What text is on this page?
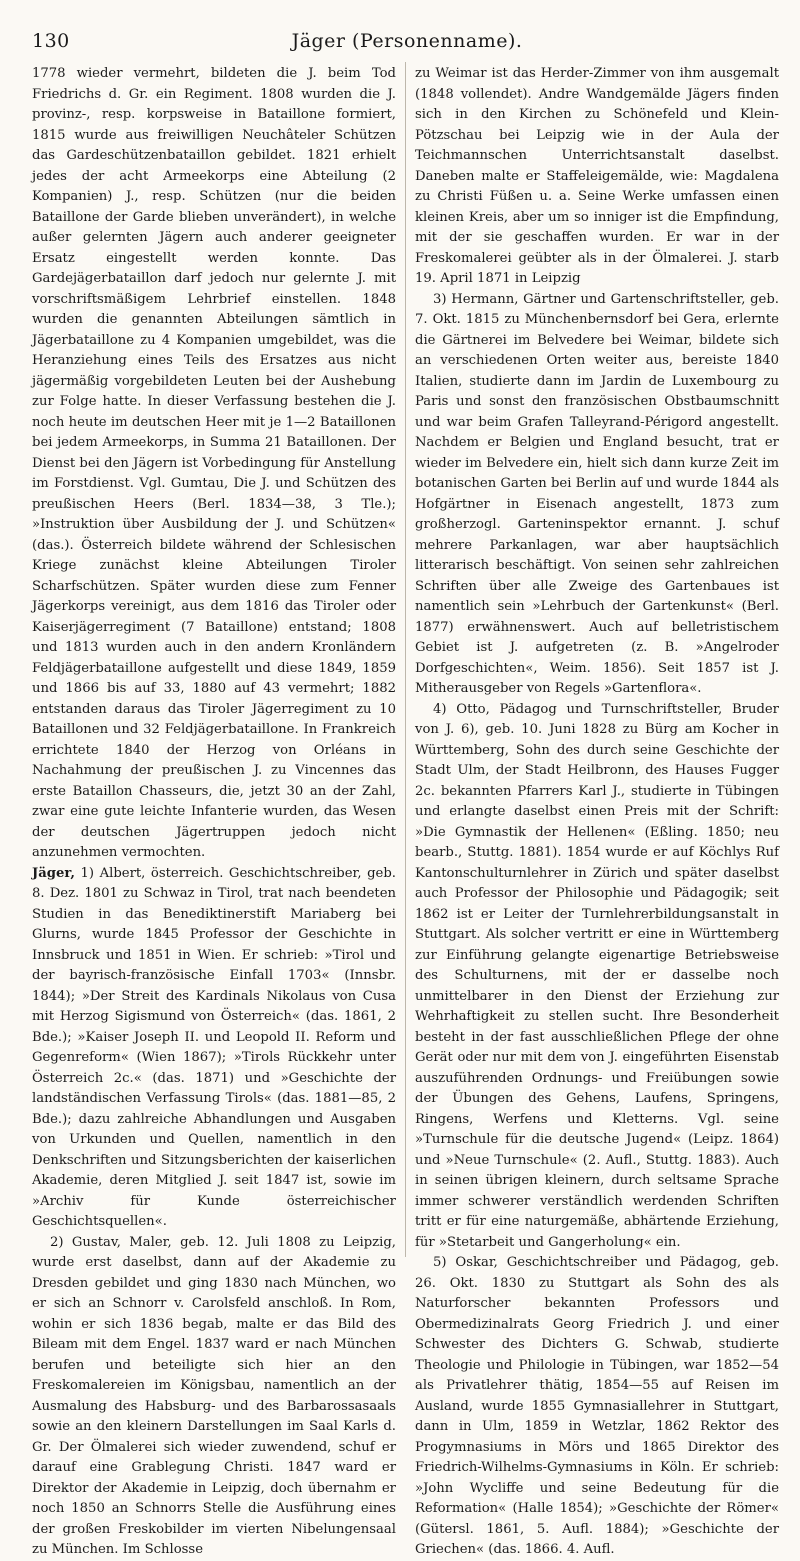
130	Jäger (Personenname).

1778 wieder vermehrt, bildeten die J. beim Tod Friedrichs d. Gr. ein Regiment. 1808 wurden die J. provinz-, resp. korpsweise in Bataillone formiert, 1815 wurde aus freiwilligen Neuchâteler Schützen das Gardeschützenbataillon gebildet. 1821 erhielt jedes der acht Armeekorps eine Abteilung (2 Kompanien) J., resp. Schützen (nur die beiden Bataillone der Garde blieben unverändert), in welche außer gelernten Jägern auch anderer geeigneter Ersatz eingestellt werden konnte. Das Gardejägerbataillon darf jedoch nur gelernte J. mit vorschriftsmäßigem Lehrbrief einstellen. 1848 wurden die genannten Abteilungen sämtlich in Jägerbataillone zu 4 Kompanien umgebildet, was die Heranziehung eines Teils des Ersatzes aus nicht jägermäßig vorgebildeten Leuten bei der Aushebung zur Folge hatte. In dieser Verfassung bestehen die J. noch heute im deutschen Heer mit je 1—2 Bataillonen bei jedem Armeekorps, in Summa 21 Bataillonen. Der Dienst bei den Jägern ist Vorbedingung für Anstellung im Forstdienst. Vgl. Gumtau, Die J. und Schützen des preußischen Heers (Berl. 1834—38, 3 Tle.); »Instruktion über Ausbildung der J. und Schützen« (das.). Österreich bildete während der Schlesischen Kriege zunächst kleine Abteilungen Tiroler Scharfschützen. Später wurden diese zum Fenner Jägerkorps vereinigt, aus dem 1816 das Tiroler oder Kaiserjägerregiment (7 Bataillone) entstand; 1808 und 1813 wurden auch in den andern Kronländern Feldjägerbataillone aufgestellt und diese 1849, 1859 und 1866 bis auf 33, 1880 auf 43 vermehrt; 1882 entstanden daraus das Tiroler Jägerregiment zu 10 Bataillonen und 32 Feldjägerbataillone. In Frankreich errichtete 1840 der Herzog von Orléans in Nachahmung der preußischen J. zu Vincennes das erste Bataillon Chasseurs, die, jetzt 30 an der Zahl, zwar eine gute leichte Infanterie wurden, das Wesen der deutschen Jägertruppen jedoch nicht anzunehmen vermochten.

Jäger, 1) Albert, österreich. Geschichtschreiber, geb. 8. Dez. 1801 zu Schwaz in Tirol, trat nach beendeten Studien in das Benediktinerstift Mariaberg bei Glurns, wurde 1845 Professor der Geschichte in Innsbruck und 1851 in Wien. Er schrieb: »Tirol und der bayrisch-französische Einfall 1703« (Innsbr. 1844); »Der Streit des Kardinals Nikolaus von Cusa mit Herzog Sigismund von Österreich« (das. 1861, 2 Bde.); »Kaiser Joseph II. und Leopold II. Reform und Gegenreform« (Wien 1867); »Tirols Rückkehr unter Österreich 2c.« (das. 1871) und »Geschichte der landständischen Verfassung Tirols« (das. 1881—85, 2 Bde.); dazu zahlreiche Abhandlungen und Ausgaben von Urkunden und Quellen, namentlich in den Denkschriften und Sitzungsberichten der kaiserlichen Akademie, deren Mitglied J. seit 1847 ist, sowie im »Archiv für Kunde österreichischer Geschichtsquellen«.

2) Gustav, Maler, geb. 12. Juli 1808 zu Leipzig, wurde erst daselbst, dann auf der Akademie zu Dresden gebildet und ging 1830 nach München, wo er sich an Schnorr v. Carolsfeld anschloß. In Rom, wohin er sich 1836 begab, malte er das Bild des Bileam mit dem Engel. 1837 ward er nach München berufen und beteiligte sich hier an den Freskomalereien im Königsbau, namentlich an der Ausmalung des Habsburg- und des Barbarossasaals sowie an den kleinern Darstellungen im Saal Karls d. Gr. Der Ölmalerei sich wieder zuwendend, schuf er darauf eine Grablegung Christi. 1847 ward er Direktor der Akademie in Leipzig, doch übernahm er noch 1850 an Schnorrs Stelle die Ausführung eines der großen Freskobilder im vierten Nibelungensaal zu München. Im Schlosse

zu Weimar ist das Herder-Zimmer von ihm ausgemalt (1848 vollendet). Andre Wandgemälde Jägers finden sich in den Kirchen zu Schönefeld und Klein-Pötzschau bei Leipzig wie in der Aula der Teichmannschen Unterrichtsanstalt daselbst. Daneben malte er Staffeleigemälde, wie: Magdalena zu Christi Füßen u. a. Seine Werke umfassen einen kleinen Kreis, aber um so inniger ist die Empfindung, mit der sie geschaffen wurden. Er war in der Freskomalerei geübter als in der Ölmalerei. J. starb 19. April 1871 in Leipzig

3) Hermann, Gärtner und Gartenschriftsteller, geb. 7. Okt. 1815 zu Münchenbernsdorf bei Gera, erlernte die Gärtnerei im Belvedere bei Weimar, bildete sich an verschiedenen Orten weiter aus, bereiste 1840 Italien, studierte dann im Jardin de Luxembourg zu Paris und sonst den französischen Obstbaumschnitt und war beim Grafen Talleyrand-Périgord angestellt. Nachdem er Belgien und England besucht, trat er wieder im Belvedere ein, hielt sich dann kurze Zeit im botanischen Garten bei Berlin auf und wurde 1844 als Hofgärtner in Eisenach angestellt, 1873 zum großherzogl. Garteninspektor ernannt. J. schuf mehrere Parkanlagen, war aber hauptsächlich litterarisch beschäftigt. Von seinen sehr zahlreichen Schriften über alle Zweige des Gartenbaues ist namentlich sein »Lehrbuch der Gartenkunst« (Berl. 1877) erwähnenswert. Auch auf belletristischem Gebiet ist J. aufgetreten (z. B. »Angelroder Dorfgeschichten«, Weim. 1856). Seit 1857 ist J. Mitherausgeber von Regels »Gartenflora«.

4) Otto, Pädagog und Turnschriftsteller, Bruder von J. 6), geb. 10. Juni 1828 zu Bürg am Kocher in Württemberg, Sohn des durch seine Geschichte der Stadt Ulm, der Stadt Heilbronn, des Hauses Fugger 2c. bekannten Pfarrers Karl J., studierte in Tübingen und erlangte daselbst einen Preis mit der Schrift: »Die Gymnastik der Hellenen« (Eßling. 1850; neu bearb., Stuttg. 1881). 1854 wurde er auf Köchlys Ruf Kantonschulturnlehrer in Zürich und später daselbst auch Professor der Philosophie und Pädagogik; seit 1862 ist er Leiter der Turnlehrerbildungsanstalt in Stuttgart. Als solcher vertritt er eine in Württemberg zur Einführung gelangte eigenartige Betriebsweise des Schulturnens, mit der er dasselbe noch unmittelbarer in den Dienst der Erziehung zur Wehrhaftigkeit zu stellen sucht. Ihre Besonderheit besteht in der fast ausschließlichen Pflege der ohne Gerät oder nur mit dem von J. eingeführten Eisenstab auszuführenden Ordnungs- und Freiübungen sowie der Übungen des Gehens, Laufens, Springens, Ringens, Werfens und Kletterns. Vgl. seine »Turnschule für die deutsche Jugend« (Leipz. 1864) und »Neue Turnschule« (2. Aufl., Stuttg. 1883). Auch in seinen übrigen kleinern, durch seltsame Sprache immer schwerer verständlich werdenden Schriften tritt er für eine naturgemäße, abhärtende Erziehung, für »Stetarbeit und Gangerholung« ein.

5) Oskar, Geschichtschreiber und Pädagog, geb. 26. Okt. 1830 zu Stuttgart als Sohn des als Naturforscher bekannten Professors und Obermedizinalrats Georg Friedrich J. und einer Schwester des Dichters G. Schwab, studierte Theologie und Philologie in Tübingen, war 1852—54 als Privatlehrer thätig, 1854—55 auf Reisen im Ausland, wurde 1855 Gymnasiallehrer in Stuttgart, dann in Ulm, 1859 in Wetzlar, 1862 Rektor des Progymnasiums in Mörs und 1865 Direktor des Friedrich-Wilhelms-Gymnasiums in Köln. Er schrieb: »John Wycliffe und seine Bedeutung für die Reformation« (Halle 1854); »Geschichte der Römer« (Gütersl. 1861, 5. Aufl. 1884); »Geschichte der Griechen« (das. 1866. 4. Aufl.
